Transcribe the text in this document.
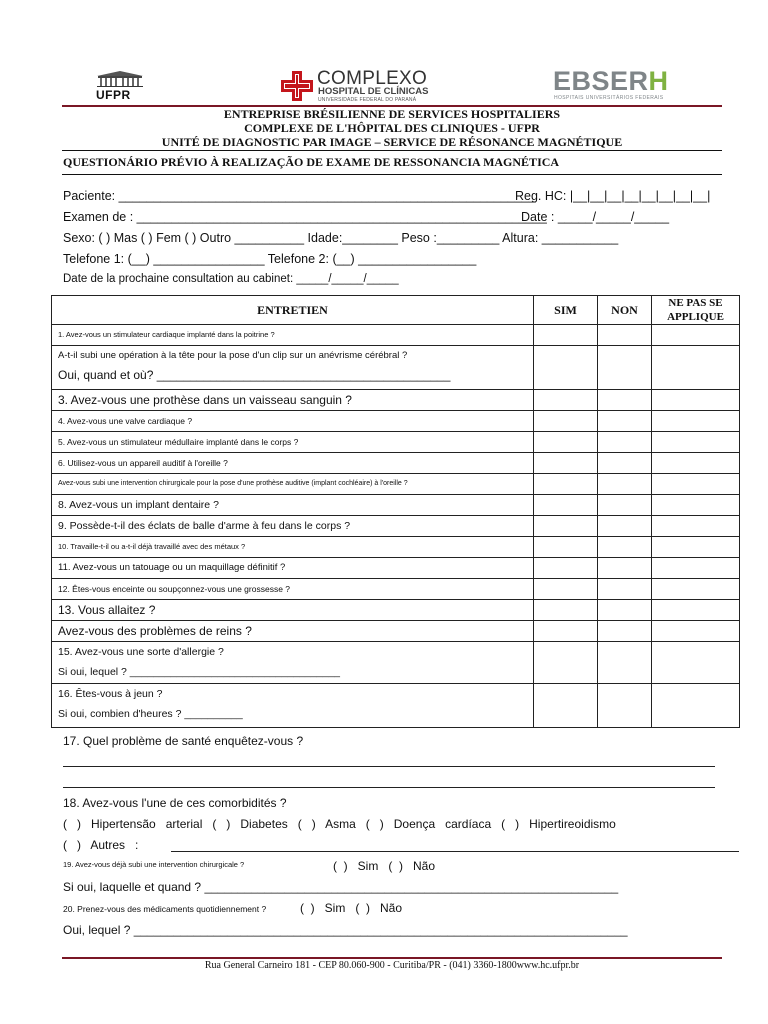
UFPR
COMPLEXO
HOSPITAL DE CLÍNICAS
UNIVERSIDADE FEDERAL DO PARANÁ
EBSERH
HOSPITAIS UNIVERSITÁRIOS FEDERAIS
ENTREPRISE BRÉSILIENNE DE SERVICES HOSPITALIERS
COMPLEXE DE L'HÔPITAL DES CLINIQUES - UFPR
UNITÉ DE DIAGNOSTIC PAR IMAGE – SERVICE DE RÉSONANCE MAGNÉTIQUE
QUESTIONÁRIO PRÉVIO À REALIZAÇÃO DE EXAME DE RESSONANCIA MAGNÉTICA
Paciente: ____________________________________________________________
Reg. HC: |__|__|__|__|__|__|__|__|
Examen de : ___________________________________________________________
Date : _____/_____/_____
Sexo: ( ) Mas ( ) Fem ( ) Outro __________ Idade:________ Peso :_________ Altura: ___________
Telefone 1: (__) ________________ Telefone 2: (__) _________________
Date de la prochaine consultation au cabinet: _____/_____/_____
ENTRETIEN	SIM	NON	NE PAS SE
APPLIQUE

1. Avez-vous un stimulateur cardiaque implanté dans la poitrine ?			

A-t-il subi une opération à la tête pour la pose d'un clip sur un anévrisme cérébral ?
Oui, quand et où? ____________________________________________			

3. Avez-vous une prothèse dans un vaisseau sanguin ?			

4. Avez-vous une valve cardiaque ?			

5. Avez-vous un stimulateur médullaire implanté dans le corps ?			

6. Utilisez-vous un appareil auditif à l'oreille ?			

Avez-vous subi une intervention chirurgicale pour la pose d'une prothèse auditive (implant cochléaire) à l'oreille ?			

8. Avez-vous un implant dentaire ?			

9. Possède-t-il des éclats de balle d'arme à feu dans le corps ?			

10. Travaille-t-il ou a-t-il déjà travaillé avec des métaux ?			

11. Avez-vous un tatouage ou un maquillage définitif ?			

12. Êtes-vous enceinte ou soupçonnez-vous une grossesse ?			

13. Vous allaitez ?			

Avez-vous des problèmes de reins ?			

15. Avez-vous une sorte d'allergie ?
Si oui, lequel ? ____________________________________			

16. Êtes-vous à jeun ?
Si oui, combien d'heures ? __________			

17. Quel problème de santé enquêtez-vous ?
18. Avez-vous l'une de ces comorbidités ?
(   )   Hipertensão   arterial   (   )   Diabetes   (   )   Asma   (   )   Doença   cardíaca   (   )   Hipertireoidismo
(   )   Autres   :
19. Avez-vous déjà subi une intervention chirurgicale ?	(  )   Sim   (  )   Não
Si oui, laquelle et quand ? ______________________________________________________________
20. Prenez-vous des médicaments quotidiennement ?	(  )   Sim   (  )   Não
Oui, lequel ? __________________________________________________________________________
Rua General Carneiro 181 - CEP 80.060-900 - Curitiba/PR - (041) 3360-1800www.hc.ufpr.br
